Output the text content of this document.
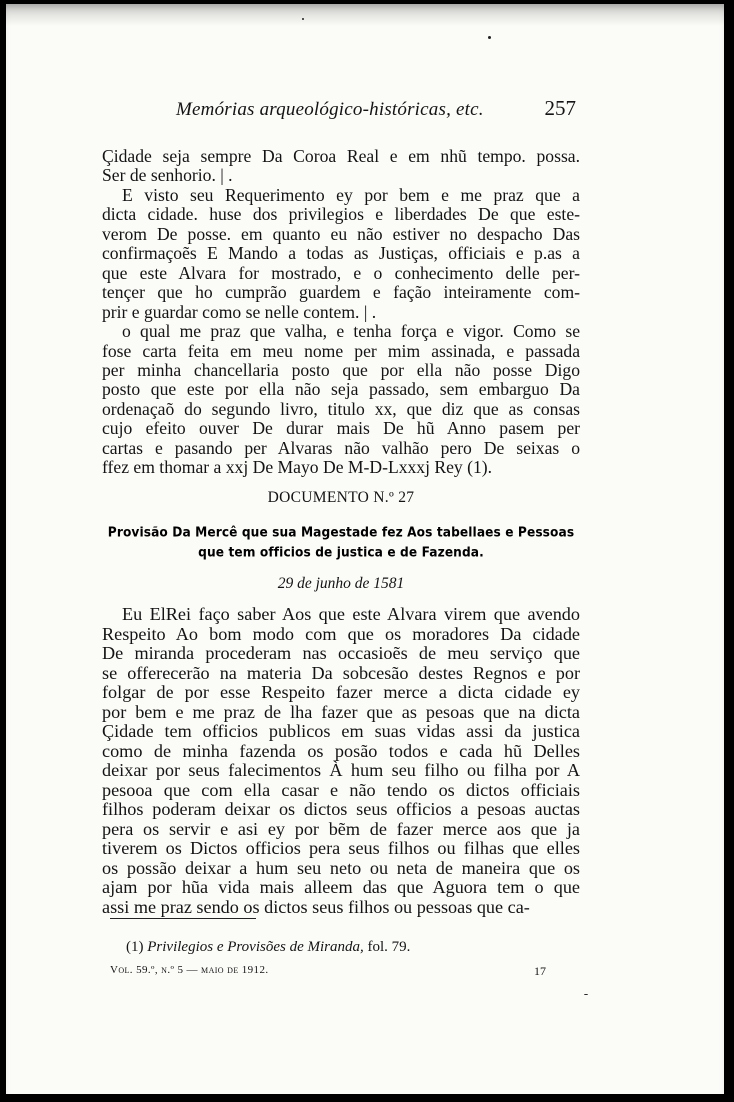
Memórias arqueológico-históricas, etc.	257
Çidade seja sempre Da Coroa Real e em nhũ tempo. possa.
Ser de senhorio. | .
E visto seu Requerimento ey por bem e me praz que a
dicta cidade. huse dos privilegios e liberdades De que este-
verom De posse. em quanto eu não estiver no despacho Das
confirmaçoẽs E Mando a todas as Justiças, officiais e p.as a
que este Alvara for mostrado, e o conhecimento delle per-
tençer que ho cumprão guardem e fação inteiramente com-
prir e guardar como se nelle contem. | .
o qual me praz que valha, e tenha força e vigor. Como se
fose carta feita em meu nome per mim assinada, e passada
per minha chancellaria posto que por ella não posse Digo
posto que este por ella não seja passado, sem embarguo Da
ordenaçaõ do segundo livro, titulo xx, que diz que as consas
cujo efeito ouver De durar mais De hũ Anno pasem per
cartas e pasando per Alvaras não valhão pero De seixas o
ffez em thomar a xxj De Mayo De M-D-Lxxxj Rey (1).
DOCUMENTO N.º 27
Provisão Da Mercê que sua Magestade fez Aos tabellaes e Pessoas
que tem officios de justica e de Fazenda.
29 de junho de 1581
Eu ElRei faço saber Aos que este Alvara virem que avendo
Respeito Ao bom modo com que os moradores Da cidade
De miranda procederam nas occasioẽs de meu serviço que
se offerecerão na materia Da sobcesão destes Regnos e por
folgar de por esse Respeito fazer merce a dicta cidade ey
por bem e me praz de lha fazer que as pesoas que na dicta
Çidade tem officios publicos em suas vidas assi da justica
como de minha fazenda os posão todos e cada hũ Delles
deixar por seus falecimentos À hum seu filho ou filha por A
pesooa que com ella casar e não tendo os dictos officiais
filhos poderam deixar os dictos seus officios a pesoas auctas
pera os servir e asi ey por bẽm de fazer merce aos que ja
tiverem os Dictos officios pera seus filhos ou filhas que elles
os possão deixar a hum seu neto ou neta de maneira que os
ajam por hũa vida mais alleem das que Aguora tem o que
assi me praz sendo os dictos seus filhos ou pessoas que ca-
(1) Privilegios e Provisões de Miranda, fol. 79.
Vol. 59.º, n.º 5 — maio de 1912.	17
